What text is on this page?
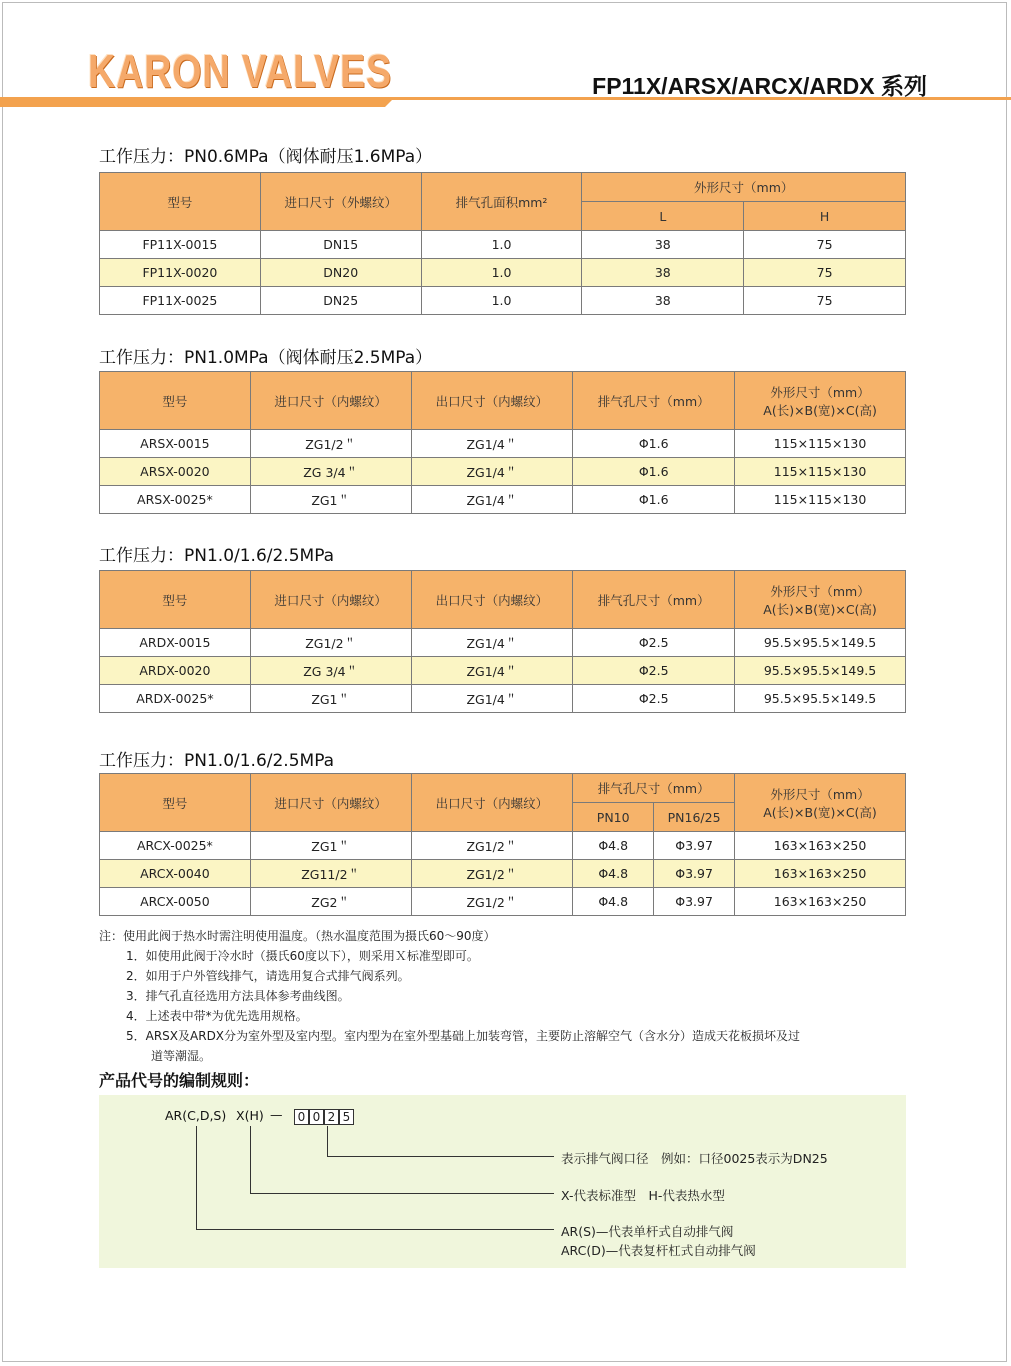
KARON VALVES	FP11X/ARSX/ARCX/ARDX 系列
工作压力：PN0.6MPa（阀体耐压1.6MPa）
型号	进口尺寸（外螺纹）	排气孔面积mm²	外形尺寸（mm）	
			L	H
FP11X-0015	DN15	1.0	38	75
FP11X-0020	DN20	1.0	38	75
FP11X-0025	DN25	1.0	38	75
工作压力：PN1.0MPa（阀体耐压2.5MPa）
型号	进口尺寸（内螺纹）	出口尺寸（内螺纹）	排气孔尺寸（mm）	外形尺寸（mm）
A(长)×B(宽)×C(高)

ARSX-0015	ZG1/2＂	ZG1/4＂	Φ1.6	115×115×130
ARSX-0020	ZG 3/4＂	ZG1/4＂	Φ1.6	115×115×130
ARSX-0025*	ZG1＂	ZG1/4＂	Φ1.6	115×115×130
工作压力：PN1.0/1.6/2.5MPa
型号	进口尺寸（内螺纹）	出口尺寸（内螺纹）	排气孔尺寸（mm）	外形尺寸（mm）
A(长)×B(宽)×C(高)

ARDX-0015	ZG1/2＂	ZG1/4＂	Φ2.5	95.5×95.5×149.5
ARDX-0020	ZG 3/4＂	ZG1/4＂	Φ2.5	95.5×95.5×149.5
ARDX-0025*	ZG1＂	ZG1/4＂	Φ2.5	95.5×95.5×149.5
工作压力：PN1.0/1.6/2.5MPa
型号	进口尺寸（内螺纹）	出口尺寸（内螺纹）	排气孔尺寸（mm）		外形尺寸（mm）
A(长)×B(宽)×C(高)

			PN10	PN16/25	
ARCX-0025*	ZG1＂	ZG1/2＂	Φ4.8	Φ3.97	163×163×250
ARCX-0040	ZG11/2＂	ZG1/2＂	Φ4.8	Φ3.97	163×163×250
ARCX-0050	ZG2＂	ZG1/2＂	Φ4.8	Φ3.97	163×163×250
注：使用此阀于热水时需注明使用温度。（热水温度范围为摄氏60～90度）
1．如使用此阀于冷水时（摄氏60度以下），则采用Ｘ标准型即可。
2．如用于户外管线排气，请选用复合式排气阀系列。
3．排气孔直径选用方法具体参考曲线图。
4．上述表中带*为优先选用规格。
5．ARSX及ARDX分为室外型及室内型。室内型为在室外型基础上加装弯管，主要防止溶解空气（含水分）造成天花板损坏及过
道等潮湿。
产品代号的编制规则：
AR(C,D,S) X(H) —	0 0 2 5
表示排气阀口径　例如：口径0025表示为DN25
X-代表标准型　H-代表热水型
AR(S)—代表单杆式自动排气阀
ARC(D)—代表复杆杠式自动排气阀
